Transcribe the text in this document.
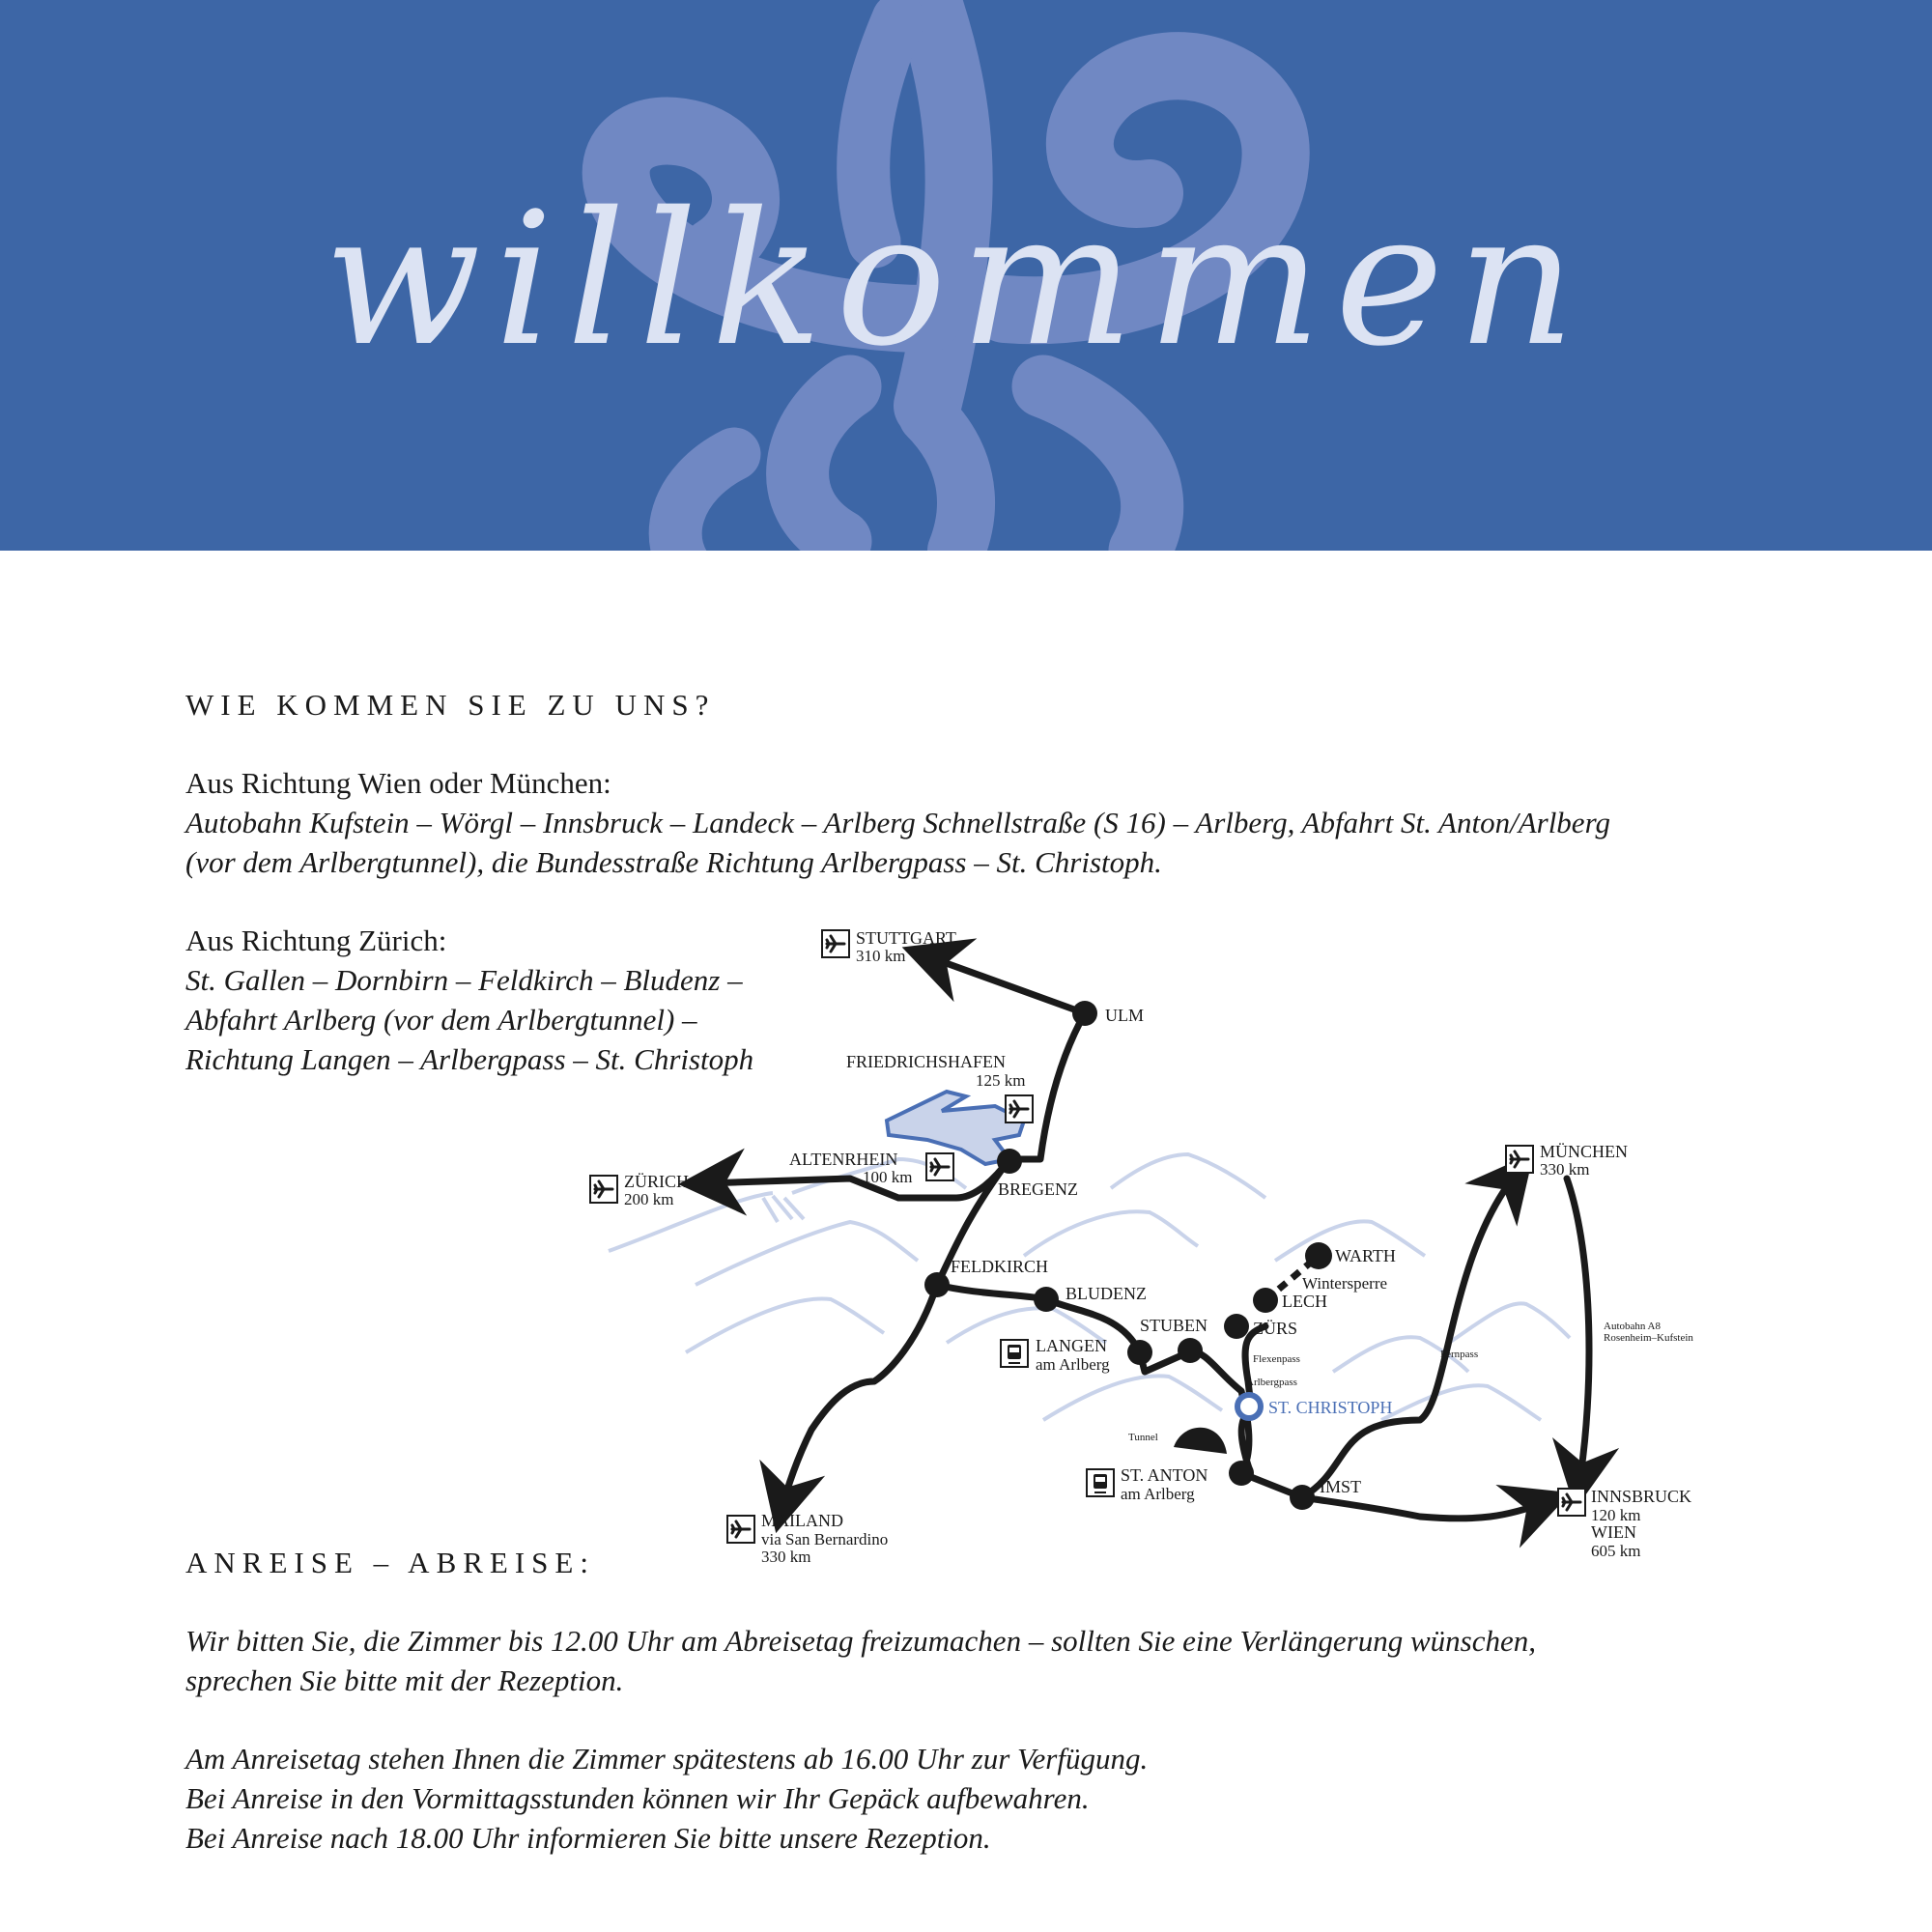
willkommen
WIE KOMMEN SIE ZU UNS?

Aus Richtung Wien oder München:
Autobahn Kufstein – Wörgl – Innsbruck – Landeck – Arlberg Schnellstraße (S 16) – Arlberg, Abfahrt St. Anton/Arlberg
(vor dem Arlbergtunnel), die Bundesstraße Richtung Arlbergpass – St. Christoph.

Aus Richtung Zürich:
St. Gallen – Dornbirn – Feldkirch – Bludenz –
Abfahrt Arlberg (vor dem Arlbergtunnel) –
Richtung Langen – Arlbergpass – St. Christoph

STUTTGART
310 km
ULM
FRIEDRICHSHAFEN
125 km
ALTENRHEIN
100 km
ZÜRICH
200 km
BREGENZ
FELDKIRCH
BLUDENZ
LANGEN
am Arlberg
STUBEN	ZÜRS
LECH
WARTH
Wintersperre
Flexenpass
Arlbergpass
ST. CHRISTOPH
Tunnel
ST. ANTON
am Arlberg	IMST
Fernpass
MÜNCHEN
330 km
Autobahn A8
Rosenheim–Kufstein
INNSBRUCK
120 km
WIEN
605 km
MAILAND
via San Bernardino
330 km
ANREISE – ABREISE:

Wir bitten Sie, die Zimmer bis 12.00 Uhr am Abreisetag freizumachen – sollten Sie eine Verlängerung wünschen,
sprechen Sie bitte mit der Rezeption.

Am Anreisetag stehen Ihnen die Zimmer spätestens ab 16.00 Uhr zur Verfügung.
Bei Anreise in den Vormittagsstunden können wir Ihr Gepäck aufbewahren.
Bei Anreise nach 18.00 Uhr informieren Sie bitte unsere Rezeption.
